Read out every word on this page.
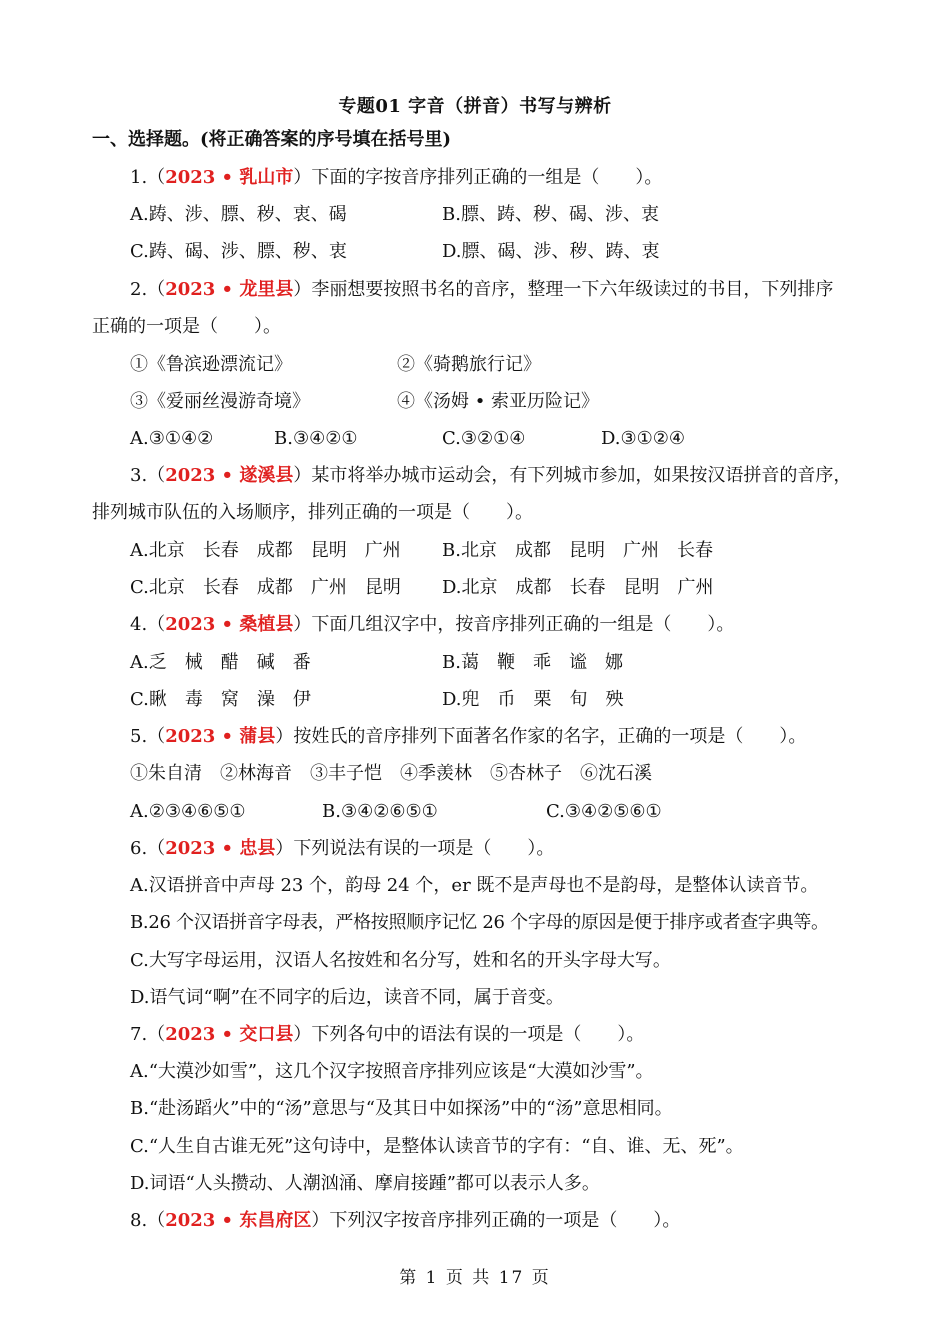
专题01 字音（拼音）书写与辨析
一、选择题。(将正确答案的序号填在括号里)
1.（2023 • 乳山市）下面的字按音序排列正确的一组是（　　）。
A.踌、涉、膘、秽、衷、碣	B.膘、踌、秽、碣、涉、衷
C.踌、碣、涉、膘、秽、衷	D.膘、碣、涉、秽、踌、衷
2.（2023 • 龙里县）李丽想要按照书名的音序，整理一下六年级读过的书目，下列排序
正确的一项是（　　）。
①《鲁滨逊漂流记》	②《骑鹅旅行记》
③《爱丽丝漫游奇境》	④《汤姆 • 索亚历险记》
A.③①④②	B.③④②①	C.③②①④	D.③①②④
3.（2023 • 遂溪县）某市将举办城市运动会，有下列城市参加，如果按汉语拼音的音序，
排列城市队伍的入场顺序，排列正确的一项是（　　）。
A.北京　长春　成都　昆明　广州 B.北京　成都　昆明　广州　长春
C.北京　长春　成都　广州　昆明 D.北京　成都　长春　昆明　广州
4.（2023 • 桑植县）下面几组汉字中，按音序排列正确的一组是（　　）。
A.乏　械　醋　碱　番	B.蔼　鞭　乖　谧　娜
C.瞅　毒　窝　澡　伊	D.兜　币　栗　旬　殃
5.（2023 • 蒲县）按姓氏的音序排列下面著名作家的名字，正确的一项是（　　）。
①朱自清　②林海音　③丰子恺　④季羡林　⑤杏林子　⑥沈石溪
A.②③④⑥⑤①	B.③④②⑥⑤①	C.③④②⑤⑥①
6.（2023 • 忠县）下列说法有误的一项是（　　）。
A.汉语拼音中声母 23 个，韵母 24 个，er 既不是声母也不是韵母，是整体认读音节。
B.26 个汉语拼音字母表，严格按照顺序记忆 26 个字母的原因是便于排序或者查字典等。
C.大写字母运用，汉语人名按姓和名分写，姓和名的开头字母大写。
D.语气词“啊”在不同字的后边，读音不同，属于音变。
7.（2023 • 交口县）下列各句中的语法有误的一项是（　　）。
A.“大漠沙如雪”，这几个汉字按照音序排列应该是“大漠如沙雪”。
B.“赴汤蹈火”中的“汤”意思与“及其日中如探汤”中的“汤”意思相同。
C.“人生自古谁无死”这句诗中，是整体认读音节的字有：“自、谁、无、死”。
D.词语“人头攒动、人潮汹涌、摩肩接踵”都可以表示人多。
8.（2023 • 东昌府区）下列汉字按音序排列正确的一项是（　　）。
第 1 页 共 17 页
